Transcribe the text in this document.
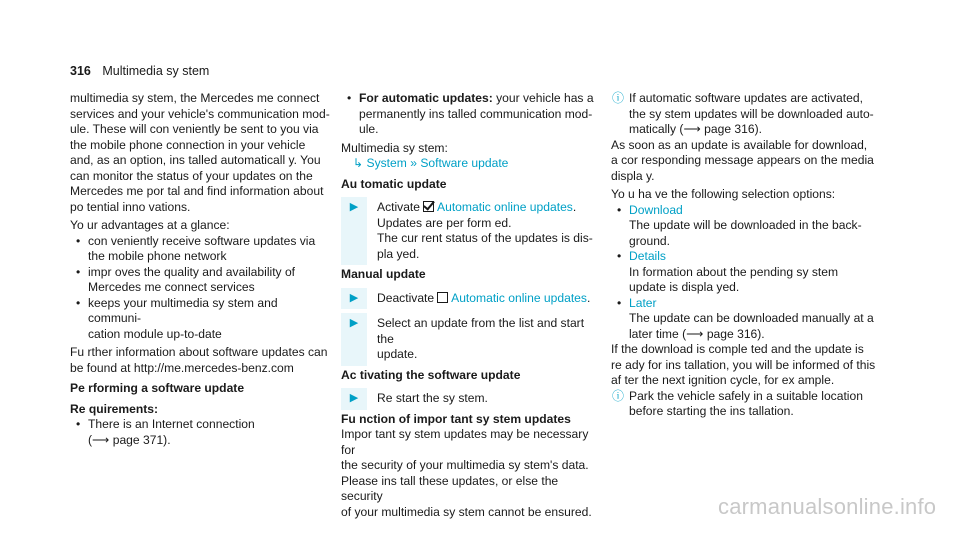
316 Multimedia sy stem

multimedia sy stem, the Mercedes me connect
services and your vehicle's communication mod-
ule. These will con veniently be sent to you via
the mobile phone connection in your vehicle
and, as an option, ins talled automaticall y. You
can monitor the status of your updates on the
Mercedes me por tal and find information about
po tential inno vations.

Yo ur advantages at a glance:

• con veniently receive software updates via
the mobile phone network

• impr oves the quality and availability of
Mercedes me connect services

• keeps your multimedia sy stem and communi-
cation module up-to-date

Fu rther information about software updates can
be found at http://me.mercedes-benz.com

Pe rforming a software update

Re quirements:

• There is an Internet connection
(⟶ page 371).

• For automatic updates: your vehicle has a
permanently ins talled communication mod-
ule.

Multimedia sy stem:

↳ System » Software update

Au tomatic update

▶	Activate Automatic online updates.
Updates are per form ed.
The cur rent status of the updates is dis-
pla yed.

Manual update

▶	Deactivate Automatic online updates.
▶	Select an update from the list and start the
update.

Ac tivating the software update

▶	Re start the sy stem.

Fu nction of impor tant sy stem updates

Impor tant sy stem updates may be necessary for
the security of your multimedia sy stem's data.
Please ins tall these updates, or else the security
of your multimedia sy stem cannot be ensured.

ⓘ If automatic software updates are activated,
the sy stem updates will be downloaded auto-
matically (⟶ page 316).

As soon as an update is available for download,
a cor responding message appears on the media
displa y.

Yo u ha ve the following selection options:

• Download

The update will be downloaded in the back-
ground.

• Details

In formation about the pending sy stem
update is displa yed.

• Later

The update can be downloaded manually at a
later time (⟶ page 316).

If the download is comple ted and the update is
re ady for ins tallation, you will be informed of this
af ter the next ignition cycle, for ex ample.

ⓘ Park the vehicle safely in a suitable location
before starting the ins tallation.
carmanualsonline.info
